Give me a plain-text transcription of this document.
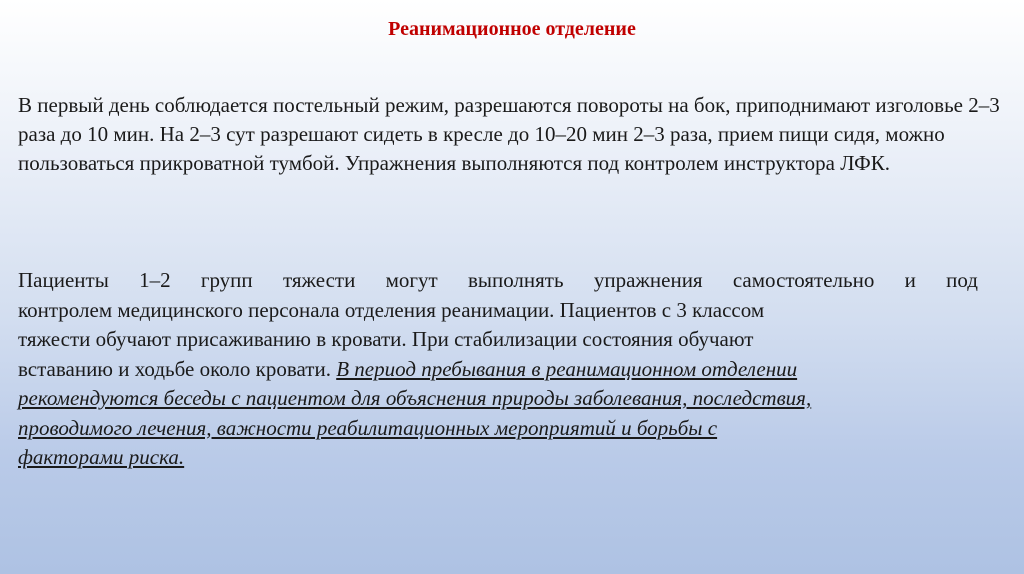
Реанимационное отделение
В первый день соблюдается постельный режим, разрешаются повороты на бок, приподнимают изголовье 2–3 раза до 10 мин. На 2–3 сут разрешают сидеть в кресле до 10–20 мин 2–3 раза, прием пищи сидя, можно пользоваться прикроватной тумбой. Упражнения выполняются под контролем инструктора ЛФК.
Пациенты 1–2 групп тяжести могут выполнять упражнения самостоятельно и под
контролем медицинского персонала отделения реанимации. Пациентов с 3 классом
тяжести обучают присаживанию в кровати. При стабилизации состояния обучают
вставанию и ходьбе около кровати. В период пребывания в реанимационном отделении
рекомендуются беседы с пациентом для объяснения природы заболевания, последствия,
проводимого лечения, важности реабилитационных мероприятий и борьбы с
факторами риска.
